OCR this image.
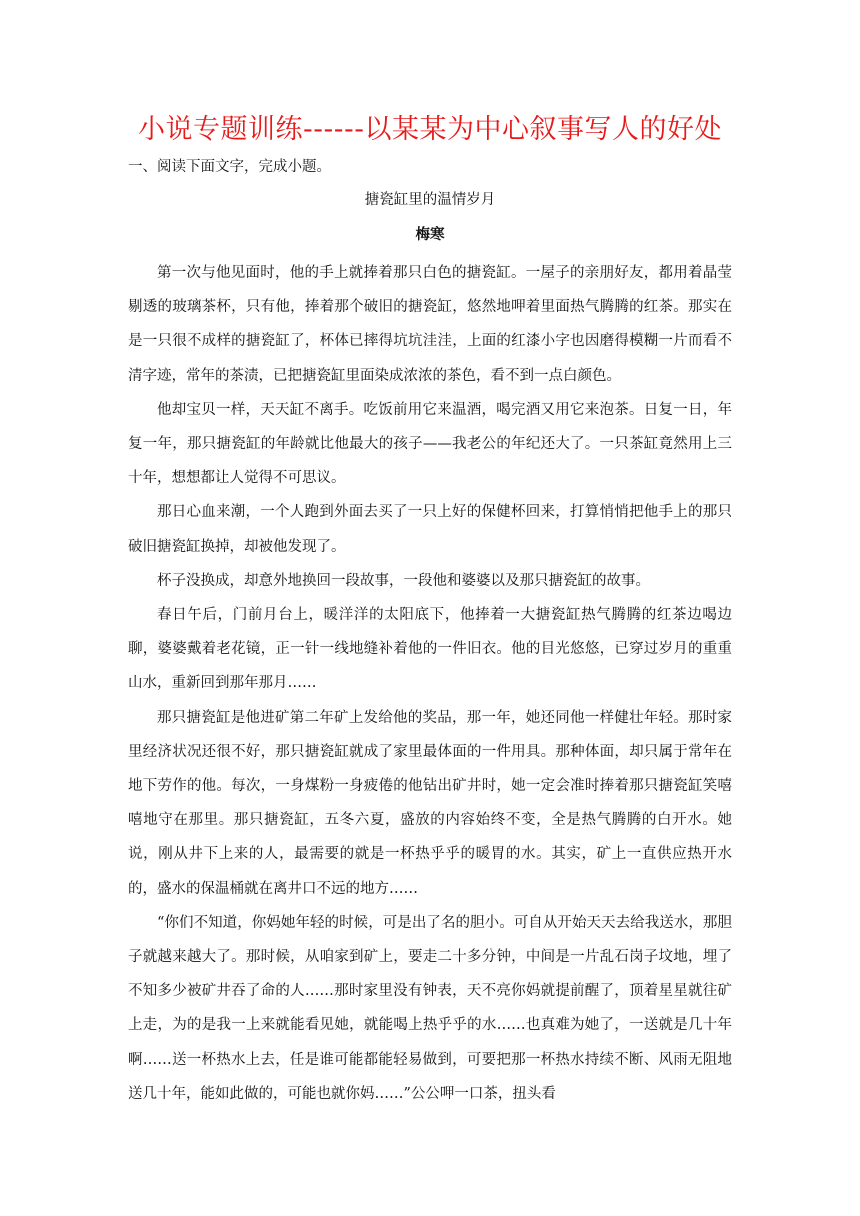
小说专题训练------以某某为中心叙事写人的好处
一、阅读下面文字，完成小题。
搪瓷缸里的温情岁月
梅寒

第一次与他见面时，他的手上就捧着那只白色的搪瓷缸。一屋子的亲朋好友，都用着晶莹剔透的玻璃茶杯，只有他，捧着那个破旧的搪瓷缸，悠然地呷着里面热气腾腾的红茶。那实在是一只很不成样的搪瓷缸了，杯体已摔得坑坑洼洼，上面的红漆小字也因磨得模糊一片而看不清字迹，常年的茶渍，已把搪瓷缸里面染成浓浓的茶色，看不到一点白颜色。

他却宝贝一样，天天缸不离手。吃饭前用它来温酒，喝完酒又用它来泡茶。日复一日，年复一年，那只搪瓷缸的年龄就比他最大的孩子——我老公的年纪还大了。一只茶缸竟然用上三十年，想想都让人觉得不可思议。

那日心血来潮，一个人跑到外面去买了一只上好的保健杯回来，打算悄悄把他手上的那只破旧搪瓷缸换掉，却被他发现了。

杯子没换成，却意外地换回一段故事，一段他和婆婆以及那只搪瓷缸的故事。

春日午后，门前月台上，暖洋洋的太阳底下，他捧着一大搪瓷缸热气腾腾的红茶边喝边聊，婆婆戴着老花镜，正一针一线地缝补着他的一件旧衣。他的目光悠悠，已穿过岁月的重重山水，重新回到那年那月……

那只搪瓷缸是他进矿第二年矿上发给他的奖品，那一年，她还同他一样健壮年轻。那时家里经济状况还很不好，那只搪瓷缸就成了家里最体面的一件用具。那种体面，却只属于常年在地下劳作的他。每次，一身煤粉一身疲倦的他钻出矿井时，她一定会准时捧着那只搪瓷缸笑嘻嘻地守在那里。那只搪瓷缸，五冬六夏，盛放的内容始终不变，全是热气腾腾的白开水。她说，刚从井下上来的人，最需要的就是一杯热乎乎的暖胃的水。其实，矿上一直供应热开水的，盛水的保温桶就在离井口不远的地方……

“你们不知道，你妈她年轻的时候，可是出了名的胆小。可自从开始天天去给我送水，那胆子就越来越大了。那时候，从咱家到矿上，要走二十多分钟，中间是一片乱石岗子坟地，埋了不知多少被矿井吞了命的人……那时家里没有钟表，天不亮你妈就提前醒了，顶着星星就往矿上走，为的是我一上来就能看见她，就能喝上热乎乎的水……也真难为她了，一送就是几十年啊……送一杯热水上去，任是谁可能都能轻易做到，可要把那一杯热水持续不断、风雨无阻地送几十年，能如此做的，可能也就你妈……”公公呷一口茶，扭头看
